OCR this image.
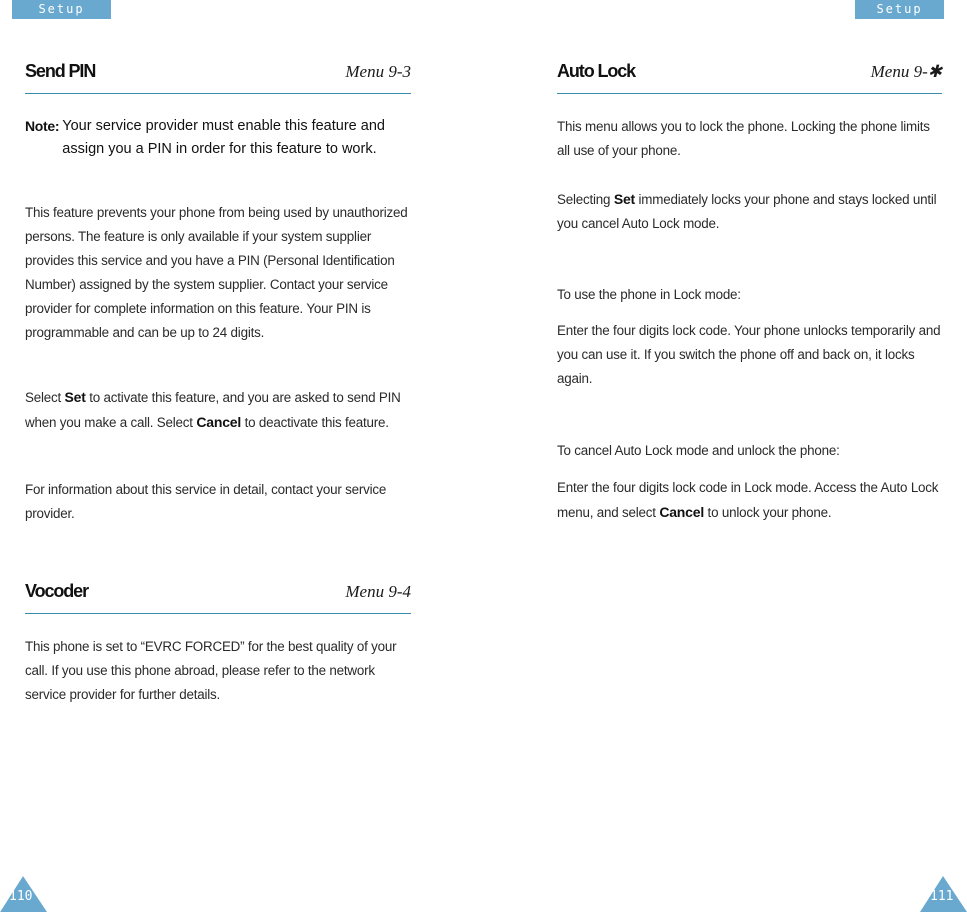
Setup	Setup
Send PIN	Menu 9-3

Note: Your service provider must enable this feature and assign you a PIN in order for this feature to work.

This feature prevents your phone from being used by unauthorized persons. The feature is only available if your system supplier provides this service and you have a PIN (Personal Identification Number) assigned by the system supplier. Contact your service provider for complete information on this feature. Your PIN is programmable and can be up to 24 digits.

Select Set to activate this feature, and you are asked to send PIN when you make a call. Select Cancel to deactivate this feature.

For information about this service in detail, contact your service provider.

Vocoder	Menu 9-4

This phone is set to “EVRC FORCED” for the best quality of your call. If you use this phone abroad, please refer to the network service provider for further details.

Auto Lock	Menu 9-✱

This menu allows you to lock the phone. Locking the phone limits all use of your phone.

Selecting Set immediately locks your phone and stays locked until you cancel Auto Lock mode.

To use the phone in Lock mode:

Enter the four digits lock code. Your phone unlocks temporarily and you can use it. If you switch the phone off and back on, it locks again.

To cancel Auto Lock mode and unlock the phone:

Enter the four digits lock code in Lock mode. Access the Auto Lock menu, and select Cancel to unlock your phone.

110	111
